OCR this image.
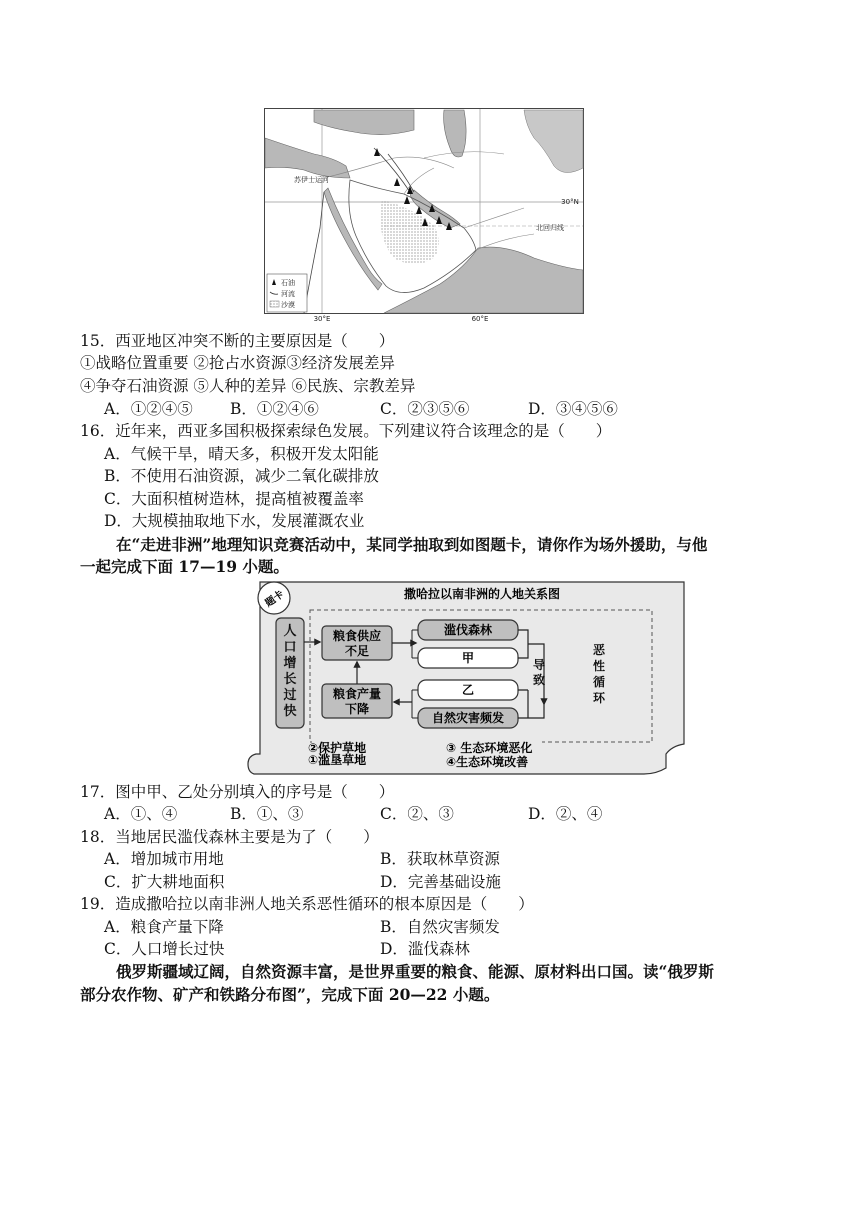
苏伊士运河
30°N
北回归线
30°E	60°E
石油
河流
沙漠
15．西亚地区冲突不断的主要原因是（　　）
①战略位置重要 ②抢占水资源③经济发展差异
④争夺石油资源 ⑤人种的差异 ⑥民族、宗教差异
A．①②④⑤ B．①②④⑥	C．②③⑤⑥	D．③④⑤⑥
16．近年来，西亚多国积极探索绿色发展。下列建议符合该理念的是（　　）
A．气候干旱，晴天多，积极开发太阳能
B．不使用石油资源，减少二氧化碳排放
C．大面积植树造林，提高植被覆盖率
D．大规模抽取地下水，发展灌溉农业
在“走进非洲”地理知识竞赛活动中，某同学抽取到如图题卡，请你作为场外援助，与他
一起完成下面 17—19 小题。
题卡	撒哈拉以南非洲的人地关系图
粮食供应
不足
粮食产量
下降
滥伐森林
甲
乙
自然灾害频发
①滥垦草地
③ 生态环境恶化
②保护草地
④生态环境改善
人口增长过快
导致
恶性循环
17．图中甲、乙处分别填入的序号是（　　）
A．①、④	B．①、③	C．②、③	D．②、④
18．当地居民滥伐森林主要是为了（　　）
A．增加城市用地	B．获取林草资源
C．扩大耕地面积	D．完善基础设施
19．造成撒哈拉以南非洲人地关系恶性循环的根本原因是（　　）
A．粮食产量下降	B．自然灾害频发
C．人口增长过快	D．滥伐森林
俄罗斯疆域辽阔，自然资源丰富，是世界重要的粮食、能源、原材料出口国。读“俄罗斯
部分农作物、矿产和铁路分布图”，完成下面 20—22 小题。
